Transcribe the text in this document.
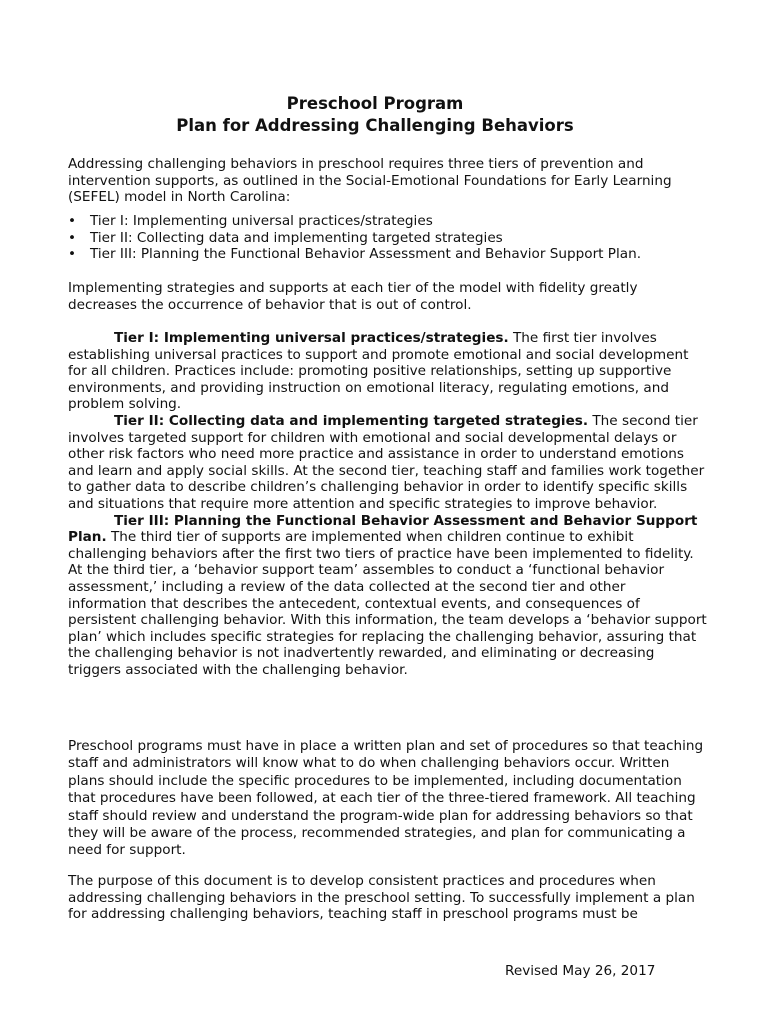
Preschool Program
Plan for Addressing Challenging Behaviors

Addressing challenging behaviors in preschool requires three tiers of prevention and intervention supports, as outlined in the Social-Emotional Foundations for Early Learning (SEFEL) model in North Carolina:

• Tier I: Implementing universal practices/strategies
• Tier II: Collecting data and implementing targeted strategies
• Tier III: Planning the Functional Behavior Assessment and Behavior Support Plan.

Implementing strategies and supports at each tier of the model with fidelity greatly decreases the occurrence of behavior that is out of control.

Tier I: Implementing universal practices/strategies. The first tier involves establishing universal practices to support and promote emotional and social development for all children. Practices include: promoting positive relationships, setting up supportive environments, and providing instruction on emotional literacy, regulating emotions, and problem solving.

Tier II: Collecting data and implementing targeted strategies. The second tier involves targeted support for children with emotional and social developmental delays or other risk factors who need more practice and assistance in order to understand emotions and learn and apply social skills. At the second tier, teaching staff and families work together to gather data to describe children’s challenging behavior in order to identify specific skills and situations that require more attention and specific strategies to improve behavior.

Tier III: Planning the Functional Behavior Assessment and Behavior Support Plan. The third tier of supports are implemented when children continue to exhibit challenging behaviors after the first two tiers of practice have been implemented to fidelity. At the third tier, a ‘behavior support team’ assembles to conduct a ‘functional behavior assessment,’ including a review of the data collected at the second tier and other information that describes the antecedent, contextual events, and consequences of persistent challenging behavior. With this information, the team develops a ‘behavior support plan’ which includes specific strategies for replacing the challenging behavior, assuring that the challenging behavior is not inadvertently rewarded, and eliminating or decreasing triggers associated with the challenging behavior.

Preschool programs must have in place a written plan and set of procedures so that teaching staff and administrators will know what to do when challenging behaviors occur. Written plans should include the specific procedures to be implemented, including documentation that procedures have been followed, at each tier of the three-tiered framework. All teaching staff should review and understand the program-wide plan for addressing behaviors so that they will be aware of the process, recommended strategies, and plan for communicating a need for support.

The purpose of this document is to develop consistent practices and procedures when addressing challenging behaviors in the preschool setting. To successfully implement a plan for addressing challenging behaviors, teaching staff in preschool programs must be

Revised May 26, 2017
